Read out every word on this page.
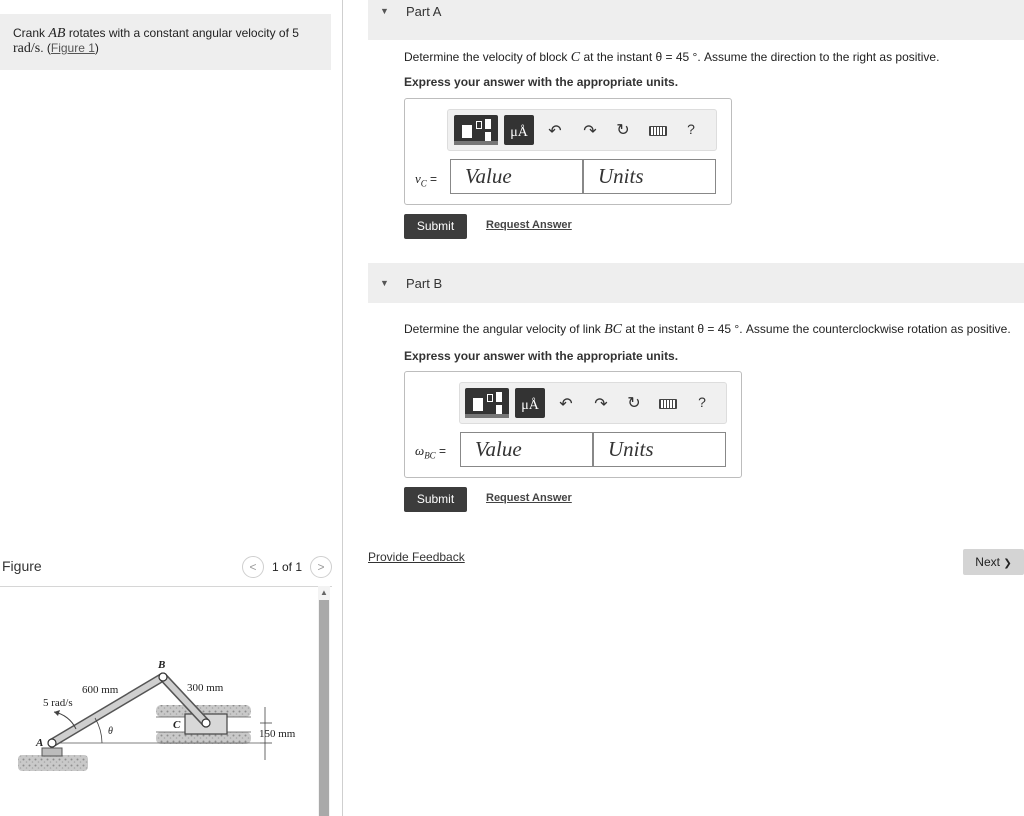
Crank AB rotates with a constant angular velocity of 5
rad/s. (Figure 1)
Figure	< 1 of 1 >
▲
B
A
C
600 mm	300 mm
5 rad/s
θ	150 mm
▼ Part A
Determine the velocity of block C at the instant θ = 45 °. Assume the direction to the right as positive.
Express your answer with the appropriate units.
μÅ	↶ ↷ ↻	?
$v_C$ =
Value
Units
Submit	Request Answer
▼ Part B
Determine the angular velocity of link BC at the instant θ = 45 °. Assume the counterclockwise rotation as positive.
Express your answer with the appropriate units.
μÅ	↶ ↷ ↻	?
$\omega_{BC}$ =
Value
Units
Submit	Request Answer
Provide Feedback	Next ❯
